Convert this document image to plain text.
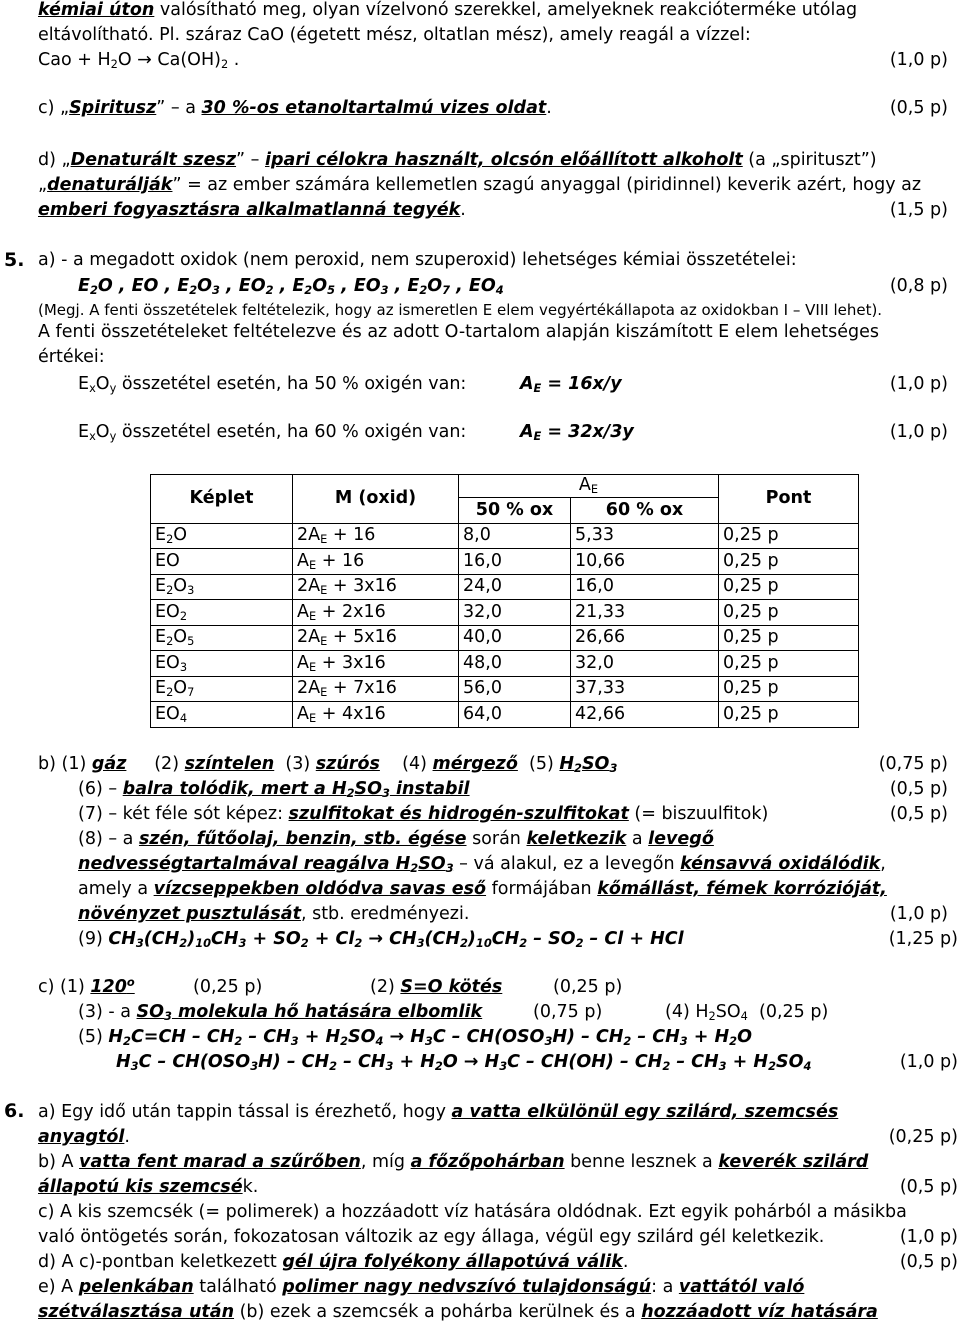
kémiai úton valósítható meg, olyan vízelvonó szerekkel, amelyeknek reakciótermékе utólag
eltávolítható. Pl. száraz CaO (égetett mész, oltatlan mész), amely reagál a vízzel:
Cao + $H_2O \to Ca(OH)_2$ .	(1,0 p)
c) „Spiritusz” – a 30 %-os etanoltartalmú vizes oldat.	(0,5 p)
d) „Denaturált szesz” – ipari célokra használt, olcsón előállított alkoholt (a „spirituszt”)
„denaturálják” = az ember számára kellemetlen szagú anyaggal (piridinnel) keverik azért, hogy az
emberi fogyasztásra alkalmatlanná tegyék.	(1,5 p)
5. a) - a megadott oxidok (nem peroxid, nem szuperoxid) lehetséges kémiai összetételei:
$E_2O$ , EO , $E_2O_3$ , $EO_2$ , $E_2O_5$ , $EO_3$ , $E_2O_7$ , $EO_4$	(0,8 p)
(Megj. A fenti összetételek feltételezik, hogy az ismeretlen E elem vegyértékállapota az oxidokban I – VIII lehet).
A fenti összetételeket feltételezve és az adott O-tartalom alapján kiszámított E elem lehetséges
értékei:
$E_xO_y$ összetétel esetén, ha 50 % oxigén van:	$A_E = 16x/y$	(1,0 p)
$E_xO_y$ összetétel esetén, ha 60 % oxigén van:	$A_E = 32x/3y$	(1,0 p)
Képlet	M (oxid)	$A_E$		Pont
		50 % ox	60 % ox	
$E_2O$	$2A_E + 16$	8,0	5,33	0,25 p
EO	$A_E + 16$	16,0	10,66	0,25 p
$E_2O_3$	$2A_E + 3x16$	24,0	16,0	0,25 p
$EO_2$	$A_E + 2x16$	32,0	21,33	0,25 p
$E_2O_5$	$2A_E + 5x16$	40,0	26,66	0,25 p
$EO_3$	$A_E + 3x16$	48,0	32,0	0,25 p
$E_2O_7$	$2A_E + 7x16$	56,0	37,33	0,25 p
$EO_4$	$A_E + 4x16$	64,0	42,66	0,25 p
b) (1) gáz (2) színtelen (3) szúrós (4) mérgező (5) $H_2SO_3$	(0,75 p)
(6) – balra tolódik, mert a $H_2SO_3$ instabil	(0,5 p)
(7) – két féle sót képez: szulfitokat és hidrogén-szulfitokat (= biszuulfitok)	(0,5 p)
(8) – a szén, fűtőolaj, benzin, stb. égése során keletkezik a levegő
nedvességtartalmával reagálva $H_2SO_3$ – vá alakul, ez a levegőn kénsavvá oxidálódik,
amely a vízcseppekben oldódva savas eső formájában kőmállást, fémek korrózióját,
növényzet pusztulását, stb. eredményezi.	(1,0 p)
(9) $CH_3(CH_2)_{10}CH_3 + SO_2 + Cl_2 \to CH_3(CH_2)_{10}CH_2 - SO_2 - Cl$ + HCl	(1,25 p)
c) (1) 120$^o$	(0,25 p)	(2) S=O kötés	(0,25 p)
(3) - a $SO_3$ molekula hő hatására elbomlik	(0,75 p)	(4) $H_2SO_4$ (0,25 p)
(5) $H_2C=CH - CH_2 - CH_3 + H_2SO_4 \to H_3C - CH(OSO_3H) - CH_2 - CH_3 + H_2O$
$H_3C - CH(OSO_3H) - CH_2 - CH_3 + H_2O \to H_3C - CH(OH) - CH_2 - CH_3 + H_2SO_4$	(1,0 p)
6. a) Egy idő után tappin tással is érezhető, hogy a vatta elkülönül egy szilárd, szemcsés
anyagtól.	(0,25 p)
b) A vatta fent marad a szűrőben, míg a főzőpohárban benne lesznek a keverék szilárd
állapotú kis szemcsék.	(0,5 p)
c) A kis szemcsék (= polimerek) a hozzáadott víz hatására oldódnak. Ezt egyik pohárból a másikba
való öntögetés során, fokozatosan változik az egy állaga, végül egy szilárd gél keletkezik.	(1,0 p)
d) A c)-pontban keletkezett gél újra folyékony állapotúvá válik.	(0,5 p)
e) A pelenkában található polimer nagy nedvszívó tulajdonságú: a vattától való
szétválasztása után (b) ezek a szemcsék a pohárba kerülnek és a hozzáadott víz hatására
